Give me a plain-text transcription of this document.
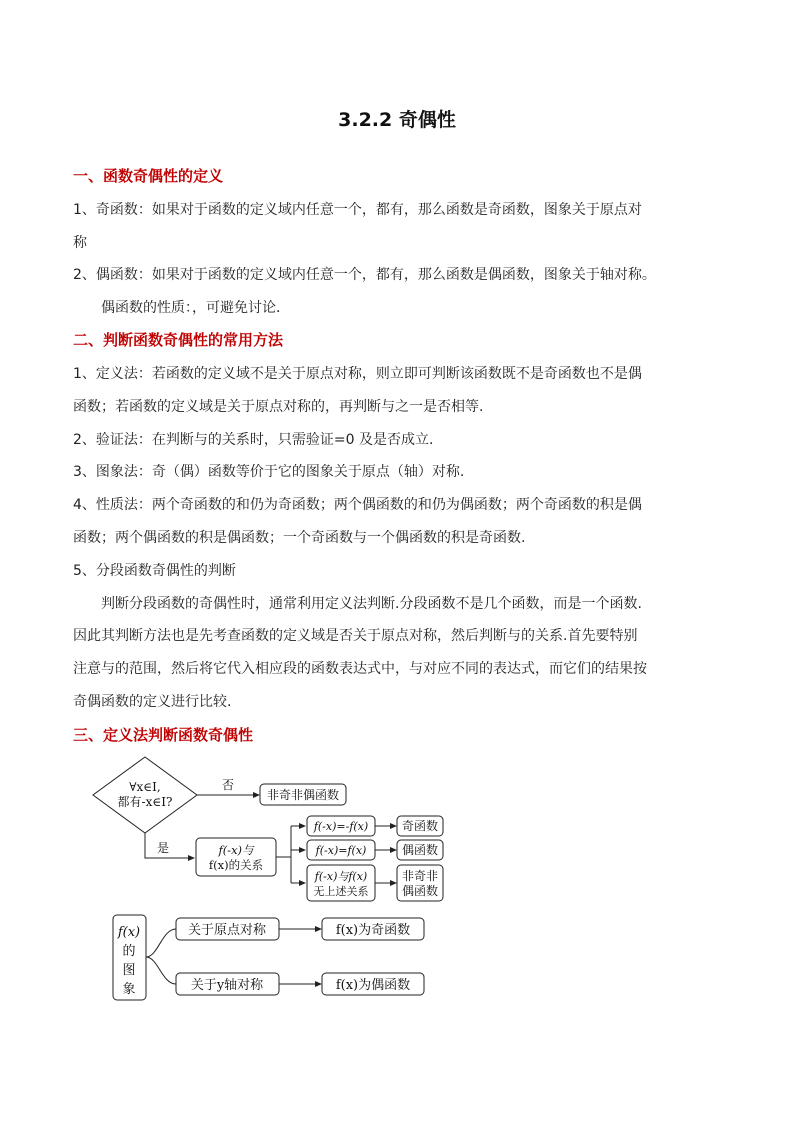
3.2.2 奇偶性
一、函数奇偶性的定义
1、奇函数：如果对于函数的定义域内任意一个，都有，那么函数是奇函数，图象关于原点对
称
2、偶函数：如果对于函数的定义域内任意一个，都有，那么函数是偶函数，图象关于轴对称。
偶函数的性质：，可避免讨论．
二、判断函数奇偶性的常用方法
1、定义法：若函数的定义域不是关于原点对称，则立即可判断该函数既不是奇函数也不是偶
函数；若函数的定义域是关于原点对称的，再判断与之一是否相等.
2、验证法：在判断与的关系时，只需验证=0 及是否成立.
3、图象法：奇（偶）函数等价于它的图象关于原点（轴）对称.
4、性质法：两个奇函数的和仍为奇函数；两个偶函数的和仍为偶函数；两个奇函数的积是偶
函数；两个偶函数的积是偶函数；一个奇函数与一个偶函数的积是奇函数.
5、分段函数奇偶性的判断
判断分段函数的奇偶性时，通常利用定义法判断.分段函数不是几个函数，而是一个函数.
因此其判断方法也是先考查函数的定义域是否关于原点对称，然后判断与的关系.首先要特别
注意与的范围，然后将它代入相应段的函数表达式中，与对应不同的表达式，而它们的结果按
奇偶函数的定义进行比较.
三、定义法判断函数奇偶性
∀x∈I,
都有-x∈I?
否
非奇非偶函数
是	f(-x)与
f(x)的关系
f(-x)=-f(x)	奇函数
f(-x)=f(x)	偶函数
f(-x)与f(x)
无上述关系
非奇非
偶函数
f(x)
的
图
象
关于原点对称	f(x)为奇函数
关于y轴对称	f(x)为偶函数
